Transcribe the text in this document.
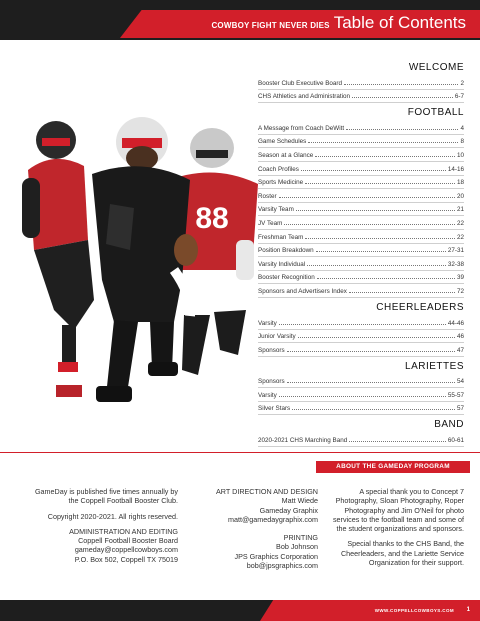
COWBOY FIGHT NEVER DIES Table of Contents
88
WELCOME
Booster Club Executive Board	2
CHS Athletics and Administration	6-7
FOOTBALL
A Message from Coach DeWitt	4
Game Schedules	8
Season at a Glance	10
Coach Profiles	14-16
Sports Medicine	18
Roster	20
Varsity Team	21
JV Team	22
Freshman Team	22
Position Breakdown	27-31
Varsity Individual	32-38
Booster Recognition	39
Sponsors and Advertisers Index	72
CHEERLEADERS
Varsity	44-46
Junior Varsity	46
Sponsors	47
LARIETTES
Sponsors	54
Varsity	55-57
Silver Stars	57
BAND
2020-2021 CHS Marching Band	60-61
ABOUT THE GAMEDAY PROGRAM

GameDay is published five times annually by the Coppell Football Booster Club.

Copyright 2020-2021. All rights reserved.

ADMINISTRATION AND EDITING
Coppell Football Booster Board
gameday@coppellcowboys.com
P.O. Box 502, Coppell TX 75019
ART DIRECTION AND DESIGN
Matt Wiede
Gameday Graphix
matt@gamedaygraphix.com
PRINTING
Bob Johnson
JPS Graphics Corporation
bob@jpsgraphics.com

A special thank you to Concept 7 Photography, Sloan Photography, Roper Photography and Jim O'Neil for photo services to the football team and some of the student organizations and sponsors.

Special thanks to the CHS Band, the Cheerleaders, and the Lariette Service Organization for their support.

WWW.COPPELLCOWBOYS.COM 1
